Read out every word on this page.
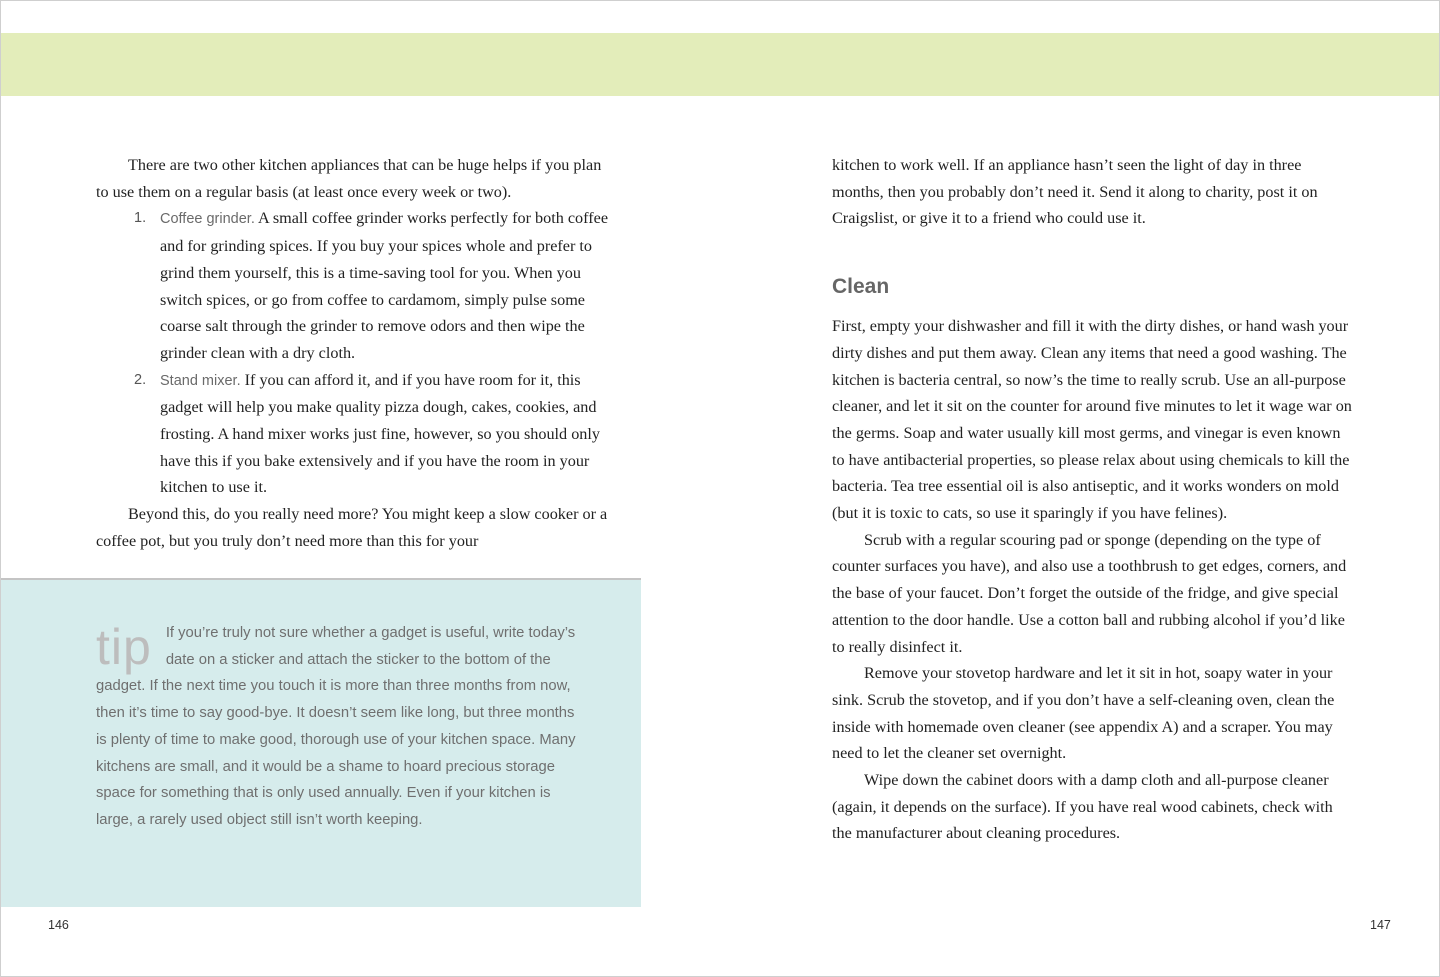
There are two other kitchen appliances that can be huge helps if you plan to use them on a regular basis (at least once every week or two).

1. Coffee grinder. A small coffee grinder works perfectly for both coffee and for grinding spices. If you buy your spices whole and prefer to grind them yourself, this is a time-saving tool for you. When you switch spices, or go from coffee to cardamom, simply pulse some coarse salt through the grinder to remove odors and then wipe the grinder clean with a dry cloth.
2. Stand mixer. If you can afford it, and if you have room for it, this gadget will help you make quality pizza dough, cakes, cookies, and frosting. A hand mixer works just fine, however, so you should only have this if you bake extensively and if you have the room in your kitchen to use it.

Beyond this, do you really need more? You might keep a slow cooker or a coffee pot, but you truly don’t need more than this for your

tip If you’re truly not sure whether a gadget is useful, write today’s date on a sticker and attach the sticker to the bottom of the gadget. If the next time you touch it is more than three months from now, then it’s time to say good-bye. It doesn’t seem like long, but three months is plenty of time to make good, thorough use of your kitchen space. Many kitchens are small, and it would be a shame to hoard precious storage space for something that is only used annually. Even if your kitchen is large, a rarely used object still isn’t worth keeping.
146

kitchen to work well. If an appliance hasn’t seen the light of day in three months, then you probably don’t need it. Send it along to charity, post it on Craigslist, or give it to a friend who could use it.

Clean

First, empty your dishwasher and fill it with the dirty dishes, or hand wash your dirty dishes and put them away. Clean any items that need a good washing. The kitchen is bacteria central, so now’s the time to really scrub. Use an all-purpose cleaner, and let it sit on the counter for around five minutes to let it wage war on the germs. Soap and water usually kill most germs, and vinegar is even known to have antibacterial properties, so please relax about using chemicals to kill the bacteria. Tea tree essential oil is also antiseptic, and it works wonders on mold (but it is toxic to cats, so use it sparingly if you have felines).

Scrub with a regular scouring pad or sponge (depending on the type of counter surfaces you have), and also use a toothbrush to get edges, corners, and the base of your faucet. Don’t forget the outside of the fridge, and give special attention to the door handle. Use a cotton ball and rubbing alcohol if you’d like to really disinfect it.

Remove your stovetop hardware and let it sit in hot, soapy water in your sink. Scrub the stovetop, and if you don’t have a self-cleaning oven, clean the inside with homemade oven cleaner (see appendix A) and a scraper. You may need to let the cleaner set overnight.

Wipe down the cabinet doors with a damp cloth and all-purpose cleaner (again, it depends on the surface). If you have real wood cabinets, check with the manufacturer about cleaning procedures.

147
